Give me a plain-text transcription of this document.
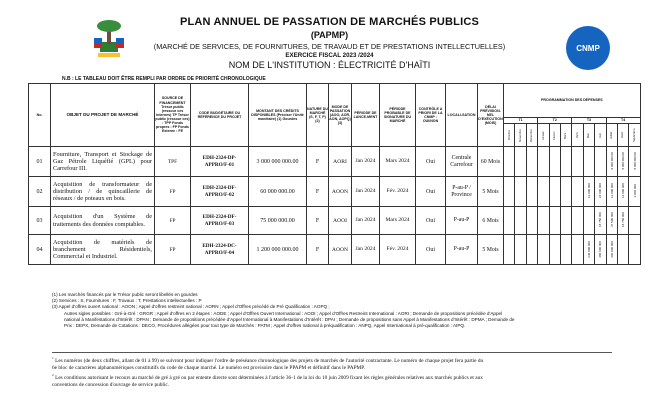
PLAN ANNUEL DE PASSATION DE MARCHÉS PUBLICS
(PAPMP)
(MARCHÉ DE SERVICES, DE FOURNITURES, DE TRAVAUD ET DE PRESTATIONS INTELLECTUELLES)
EXERCICE FISCAL 2023 /2024
NOM DE L'INSTITUTION : ÉLECTRICITÉ D'HAÏTI
CNMP
N.B : LE TABLEAU DOIT ÊTRE REMPLI PAR ORDRE DE PRIORITÉ CHRONOLOGIQUE
No.	OBJET DU PROJET DE MARCHÉ	SOURCE DE FINANCEMENT Trésor public (ressour ces internes) TP Trésor public (ressour ces) : TPP Fonds propres : FP Fonds Externe : FE	CODE BUDGÉTAIRE OU RÉFÉRENCE DU PROJET	MONTANT DES CRÉDITS DISPONIBLES (Préciser l'Unité monétaire) (1) Gourdes	NATURE DU MARCHÉ (S, F, T, P) (2)	MODE DE PASSATION (AOO, AOR, AON, AOPQ) (3)	PÉRIODE DE LANCE-MENT	PÉRIODE PROBABLE DE SIGNATURE DU MARCHÉ	CONTRÔLE A PRIORI DE LA CNMP : OUI/NON	LOCALI-SATION	DÉLAI PRÉVISION-NEL D'EXÉCUTION (MOIS)	PROGRAMMATION DES DÉPENSES											
												T1			T2			T3			T4		
												Octobre	Novembre	Décembre	Janvier	Février	Mars	Avril	Mai	Juin	Juillet	Août	Septembre
01	Fourniture, Transport et Stockage de Gaz Pétrole Liquéfié (GPL) pour Carrefour III.	TPF	EDH-2324-DP-APPRO/F-01	3 000 000 000.00	F	AORI	Jan 2024	Mars 2024	Oui	Centrale Carrefour	60 Mois										8 000 000.00	8 000 000.00	8 000 000.00
02	Acquisition de transformateur de distribution / de quincaillerie de réseaux / de poteaux en bois.	FP	EDH-2324-DF-APPRO/F-02	60 000 000.00	F	AOON	Jan 2024	Fév. 2024	Oui	P-au-P / Province	5 Mois								12 000 000	24 000 000	12 000 000	12 000 000	3 000 000
03	Acquisition d'un Système de traitements des données comptables.	FP	EDH-2324-DF-APPRO/F-03	75 000 000.00	F	AOOI	Jan 2024	Mars 2024	Oui	P-au-P	6 Mois									18 750 000	37 500 000	18 750 000	
04	Acquisition de matériels de branchement Résidentiels, Commercial et Industriel.	FP	EDH-2324-DC-APPRO/F-04	1 200 000 000.00	F	AOON	Jan 2024	Fév. 2024	Oui	P-au-P	5 Mois								240 000 000	480 000 000	360 000 000		
(1) Les marchés financés par le Trésor public seront libellés en gourdes
(2) Services : S, Fournitures : F, Travaux : T, Prestations intellectuelles : P
(3) Appel d'offres ouvert national : AOON ; Appel d'offres restreint national : AORN ; Appel d'Offres précédé de Pré Qualification : AOPQ ;
Autres sigles possibles : Gré-à-Gré : GRGR ; Appel d'offres en 2 étapes : AODE ; Appel d'Offres Ouvert International : AOOI ; Appel d'Offres Restreint International : AORI ; Demande de propositions précédée d'Appel
national à Manifestations d'Intérêt : DPAN ; Demande de propositions précédée d'Appel International à Manifestations d'Intérêt : DPAI ; Demande de propositions sans Appel à Manifestations d'Intérêt : DPMA ; Demande de
Prix : DEPX, Demande de Cotations : DECO, Procédures allégées pour tout type de Marchés : PATM ; Appel d'offres national à préqualification : ANPQ, Appel International à pré-qualification : AIPQ.
$^1$ Les numéros (de deux chiffres, allant de 01 à 99) se suivront pour indiquer l'ordre de préséance chronologique des projets de marchés de l'autorité contractante. Le numéro de chaque projet fera partie du
6e bloc de caractères alphanumériques constitutifs du code de chaque marché. Le numéro est provisoire dans le PPAPM et définitif dans le PAPMP.
$^2$ Les conditions autorisant le recours au marché de gré à gré ou par entente directe sont déterminées à l'article 36-1 de la loi du 10 juin 2009 fixant les règles générales relatives aux marchés publics et aux
conventions de concession d'ouvrage de service public.
